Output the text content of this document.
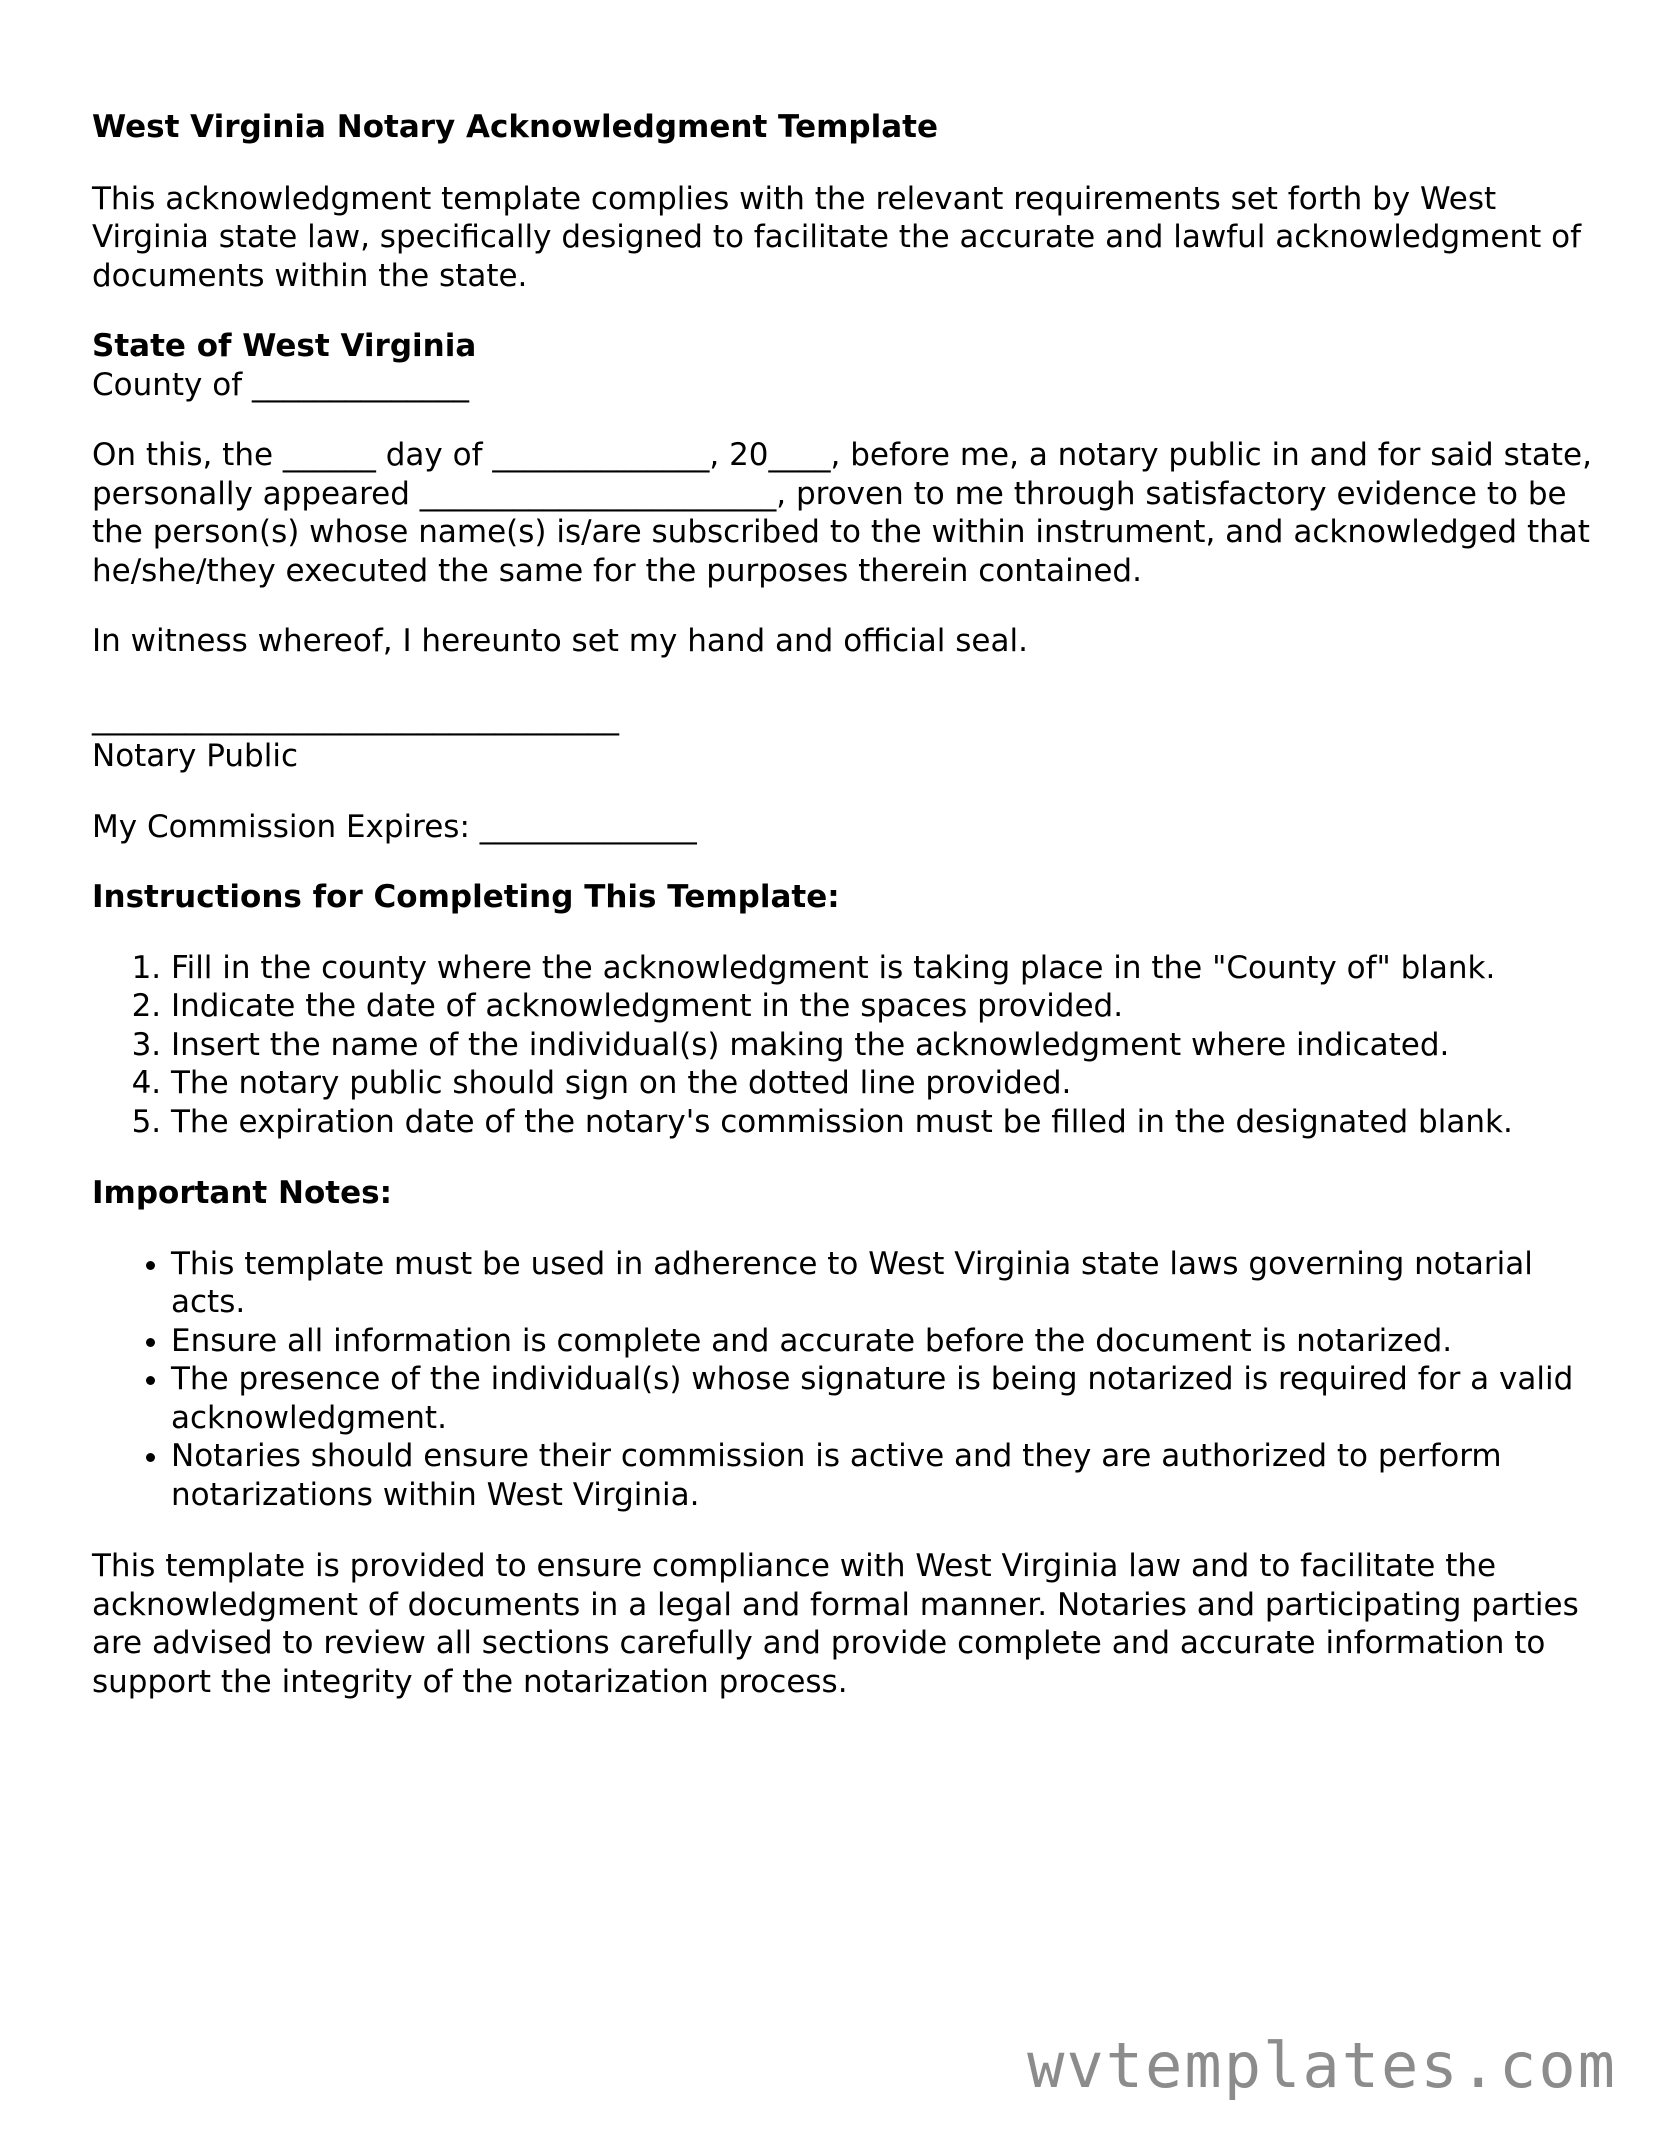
West Virginia Notary Acknowledgment Template

This acknowledgment template complies with the relevant requirements set forth by West Virginia state law, specifically designed to facilitate the accurate and lawful acknowledgment of documents within the state.

State of West Virginia
County of ______________

On this, the ______ day of ______________, 20____, before me, a notary public in and for said state, personally appeared _______________________, proven to me through satisfactory evidence to be the person(s) whose name(s) is/are subscribed to the within instrument, and acknowledged that he/she/they executed the same for the purposes therein contained.

In witness whereof, I hereunto set my hand and official seal.

__________________________________
Notary Public

My Commission Expires: ______________

Instructions for Completing This Template:

1. Fill in the county where the acknowledgment is taking place in the "County of" blank.
2. Indicate the date of acknowledgment in the spaces provided.
3. Insert the name of the individual(s) making the acknowledgment where indicated.
4. The notary public should sign on the dotted line provided.
5. The expiration date of the notary's commission must be filled in the designated blank.

Important Notes:

• This template must be used in adherence to West Virginia state laws governing notarial acts.
• Ensure all information is complete and accurate before the document is notarized.
• The presence of the individual(s) whose signature is being notarized is required for a valid acknowledgment.
• Notaries should ensure their commission is active and they are authorized to perform notarizations within West Virginia.

This template is provided to ensure compliance with West Virginia law and to facilitate the acknowledgment of documents in a legal and formal manner. Notaries and participating parties are advised to review all sections carefully and provide complete and accurate information to support the integrity of the notarization process.

wvtemplates.com
